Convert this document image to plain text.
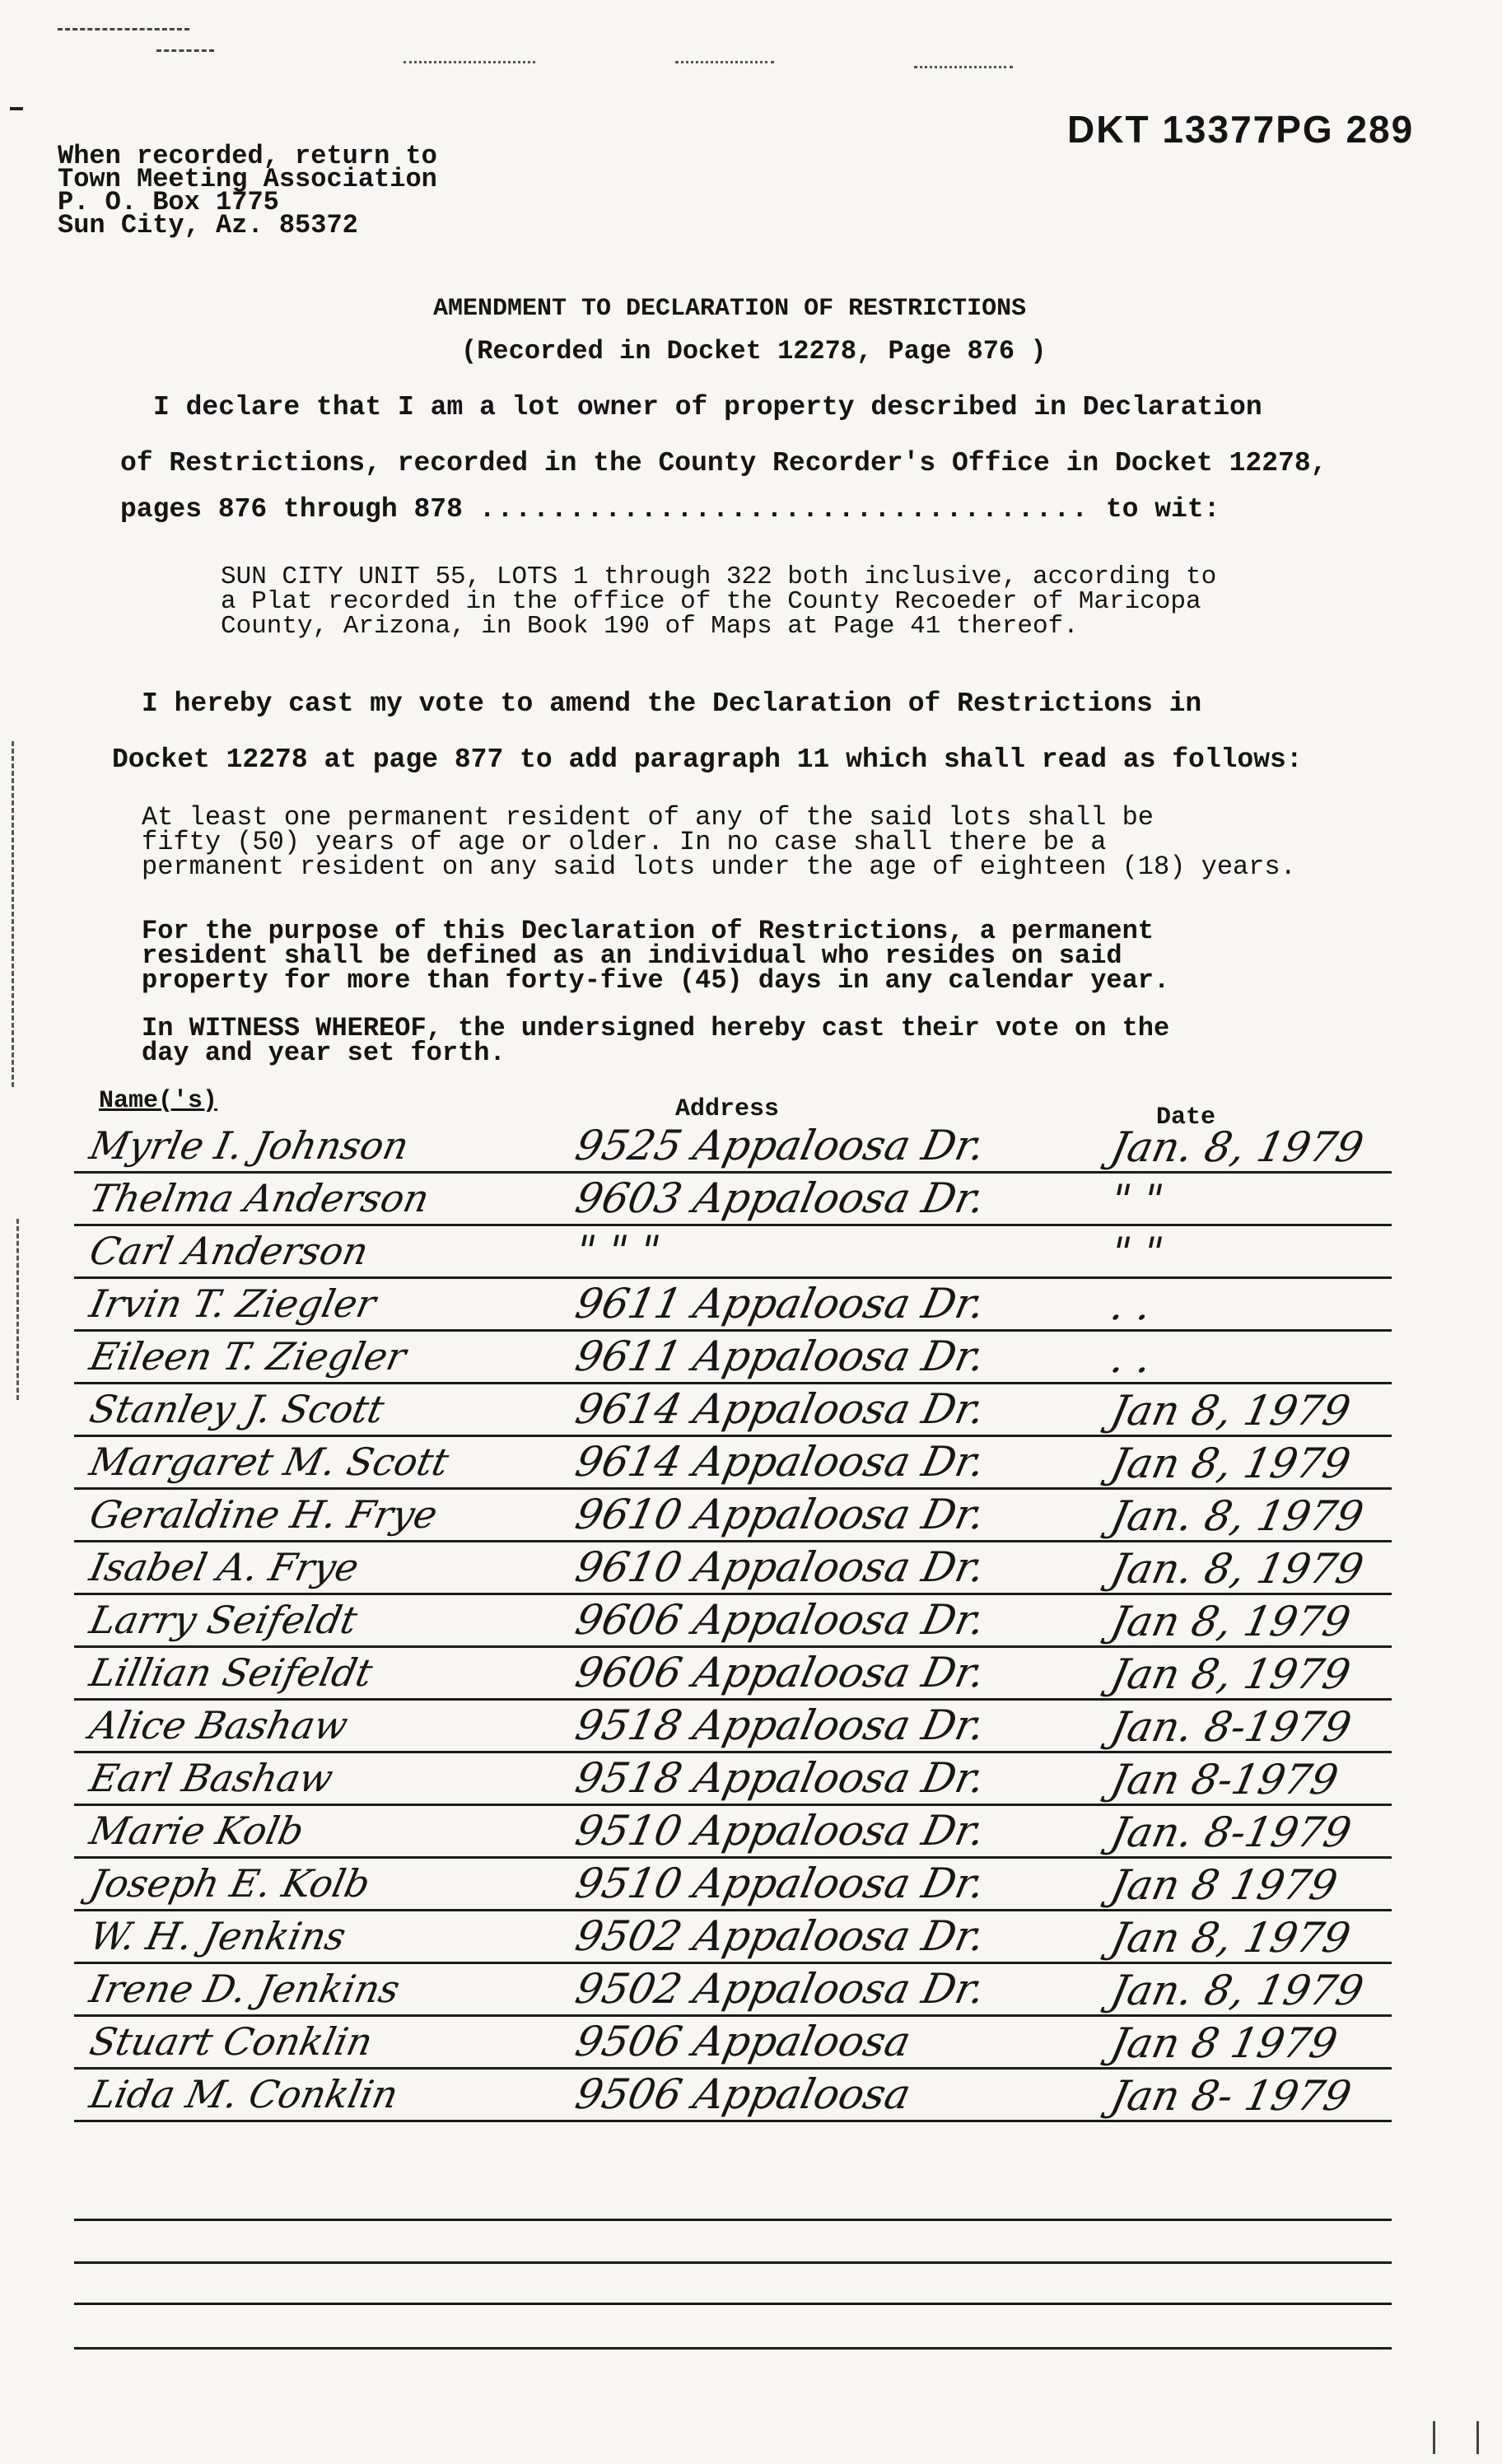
DKT 13377PG 289
When recorded, return to
Town Meeting Association
P. O. Box 1775
Sun City, Az. 85372
AMENDMENT TO DECLARATION OF RESTRICTIONS
(Recorded in Docket 12278, Page 876 )
I declare that I am a lot owner of property described in Declaration
of Restrictions, recorded in the County Recorder's Office in Docket 12278,
pages 876 through 878 .................................. to wit:
SUN CITY UNIT 55, LOTS 1 through 322 both inclusive, according to
a Plat recorded in the office of the County Recoeder of Maricopa
County, Arizona, in Book 190 of Maps at Page 41 thereof.
I hereby cast my vote to amend the Declaration of Restrictions in
Docket 12278 at page 877 to add paragraph 11 which shall read as follows:
At least one permanent resident of any of the said lots shall be
fifty (50) years of age or older. In no case shall there be a
permanent resident on any said lots under the age of eighteen (18) years.
For the purpose of this Declaration of Restrictions, a permanent
resident shall be defined as an individual who resides on said
property for more than forty-five (45) days in any calendar year.
In WITNESS WHEREOF, the undersigned hereby cast their vote on the
day and year set forth.
Name('s)	Address	Date
Myrle I. Johnson	9525 Appaloosa Dr.	Jan. 8, 1979
Thelma Anderson	9603 Appaloosa Dr.	" "
Carl Anderson	" " "	" "
Irvin T. Ziegler	9611 Appaloosa Dr.	. .
Eileen T. Ziegler	9611 Appaloosa Dr.	. .
Stanley J. Scott	9614 Appaloosa Dr.	Jan 8, 1979
Margaret M. Scott	9614 Appaloosa Dr.	Jan 8, 1979
Geraldine H. Frye	9610 Appaloosa Dr.	Jan. 8, 1979
Isabel A. Frye	9610 Appaloosa Dr.	Jan. 8, 1979
Larry Seifeldt	9606 Appaloosa Dr.	Jan 8, 1979
Lillian Seifeldt	9606 Appaloosa Dr.	Jan 8, 1979
Alice Bashaw	9518 Appaloosa Dr.	Jan. 8-1979
Earl Bashaw	9518 Appaloosa Dr.	Jan 8-1979
Marie Kolb	9510 Appaloosa Dr.	Jan. 8-1979
Joseph E. Kolb	9510 Appaloosa Dr.	Jan 8 1979
W. H. Jenkins	9502 Appaloosa Dr.	Jan 8, 1979
Irene D. Jenkins	9502 Appaloosa Dr.	Jan. 8, 1979
Stuart Conklin	9506 Appaloosa	Jan 8 1979
Lida M. Conklin	9506 Appaloosa	Jan 8- 1979
